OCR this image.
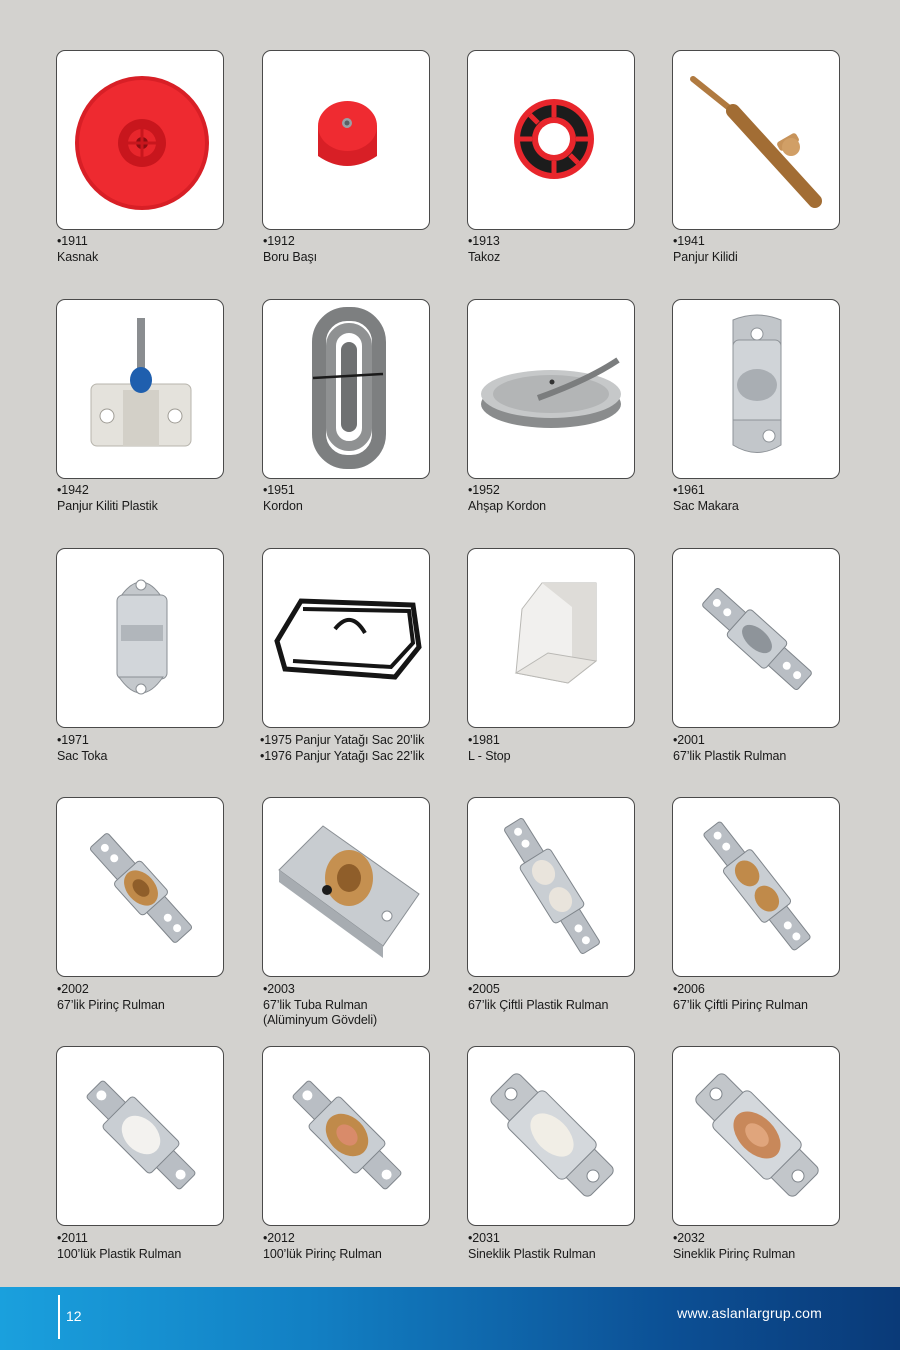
• 1911
Kasnak
• 1912
Boru Başı
• 1913
Takoz
• 1941
Panjur Kilidi
• 1942
Panjur Kiliti Plastik
• 1951
Kordon
• 1952
Ahşap Kordon
• 1961
Sac Makara
• 1971
Sac Toka
• 1975 Panjur Yatağı Sac 20’lik
• 1976 Panjur Yatağı Sac 22’lik
• 1981
L - Stop
• 2001
67’lik Plastik Rulman
• 2002
67’lik Pirinç Rulman
• 2003
67’lik Tuba Rulman
(Alüminyum Gövdeli)
• 2005
67’lik Çiftli Plastik Rulman
• 2006
67’lik Çiftli Pirinç Rulman
• 2011
100’lük Plastik Rulman
• 2012
100’lük Pirinç Rulman
• 2031
Sineklik Plastik Rulman
• 2032
Sineklik Pirinç Rulman
12	www.aslanlargrup.com
